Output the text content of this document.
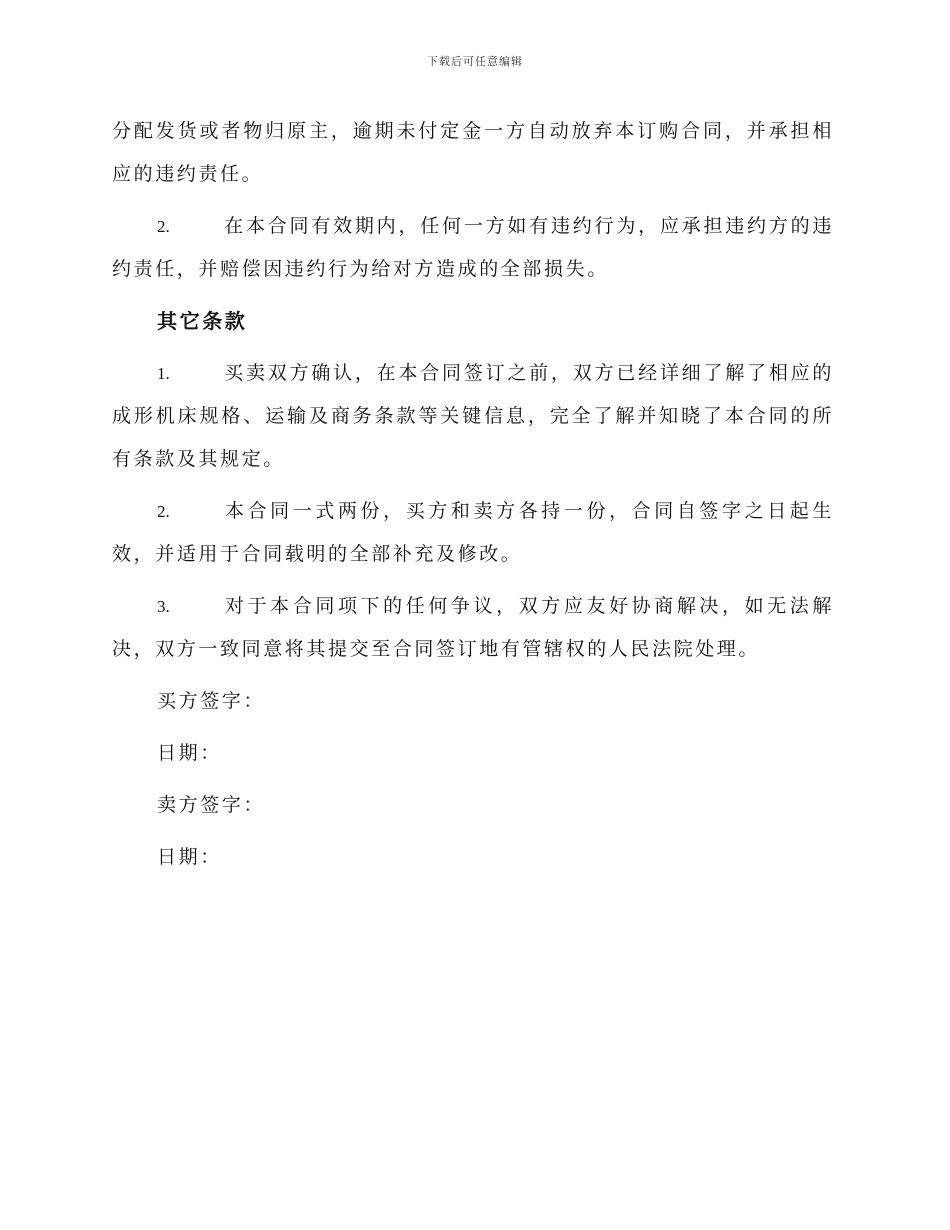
下载后可任意编辑

分配发货或者物归原主，逾期未付定金一方自动放弃本订购合同，并承担相应的违约责任。

2.	在本合同有效期内，任何一方如有违约行为，应承担违约方的违约责任，并赔偿因违约行为给对方造成的全部损失。

其它条款

1.	买卖双方确认，在本合同签订之前，双方已经详细了解了相应的成形机床规格、运输及商务条款等关键信息，完全了解并知晓了本合同的所有条款及其规定。

2.	本合同一式两份，买方和卖方各持一份，合同自签字之日起生效，并适用于合同载明的全部补充及修改。

3.	对于本合同项下的任何争议，双方应友好协商解决，如无法解决，双方一致同意将其提交至合同签订地有管辖权的人民法院处理。

买方签字：

日期：

卖方签字：

日期：
